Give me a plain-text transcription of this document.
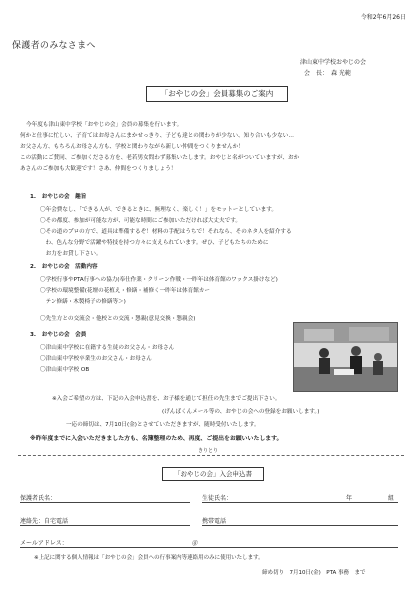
令和2年6月26日
保護者のみなさまへ
津山東中学校おやじの会
会　長：　森 光範
「おやじの会」会員募集のご案内
今年度も津山東中学校「おやじの会」会員の募集を行います。
何かと仕事に忙しい、子育てはお母さんにまかせっきり、子ども達との関わりが少ない、知り合いも少ない…
お父さん方、もちろんお母さん方も、学校と関わりながら新しい仲間をつくりませんか！
この活動にご賛同、ご参加くださる方を、老若男女問わず募集いたします。おやじと名がついていますが、おか
あさんのご参加も大歓迎です！さあ、仲間をつくりましょう！
1.　おやじの会　趣旨
〇年会費なし、「できる人が、できるときに、無理なく、楽しく！」をモットーとしています。
〇その都度、参加が可能な方が、可能な時間にご参加いただければ大丈夫です。
〇その道のプロの方で、道具は準備するぞ！材料の手配はうちで！それなら、そのネタ人を紹介する
　わ、色んな分野で活躍や特技を持つ方々に支えられています。ぜひ、子どもたちのために
　お力をお貸し下さい。
2.　おやじの会　活動内容
〇学校行事やPTA行事への協力(奉仕作業・クリーン作戦・一昨年は体育館のワックス掛けなど)
〇学校の環境整備(花壇の花植え・修繕・補修く一昨年は体育館カー
　テン修繕・木製椅子の修繕等＞)
〇先生方との交流会・他校との交流・懇親(意見交換・懇親会)
3.　おやじの会　会員
〇津山東中学校に在籍する生徒のお父さん・お母さん
〇津山東中学校卒業生のお父さん・お母さん
〇津山東中学校 OB
※入会ご希望の方は、下記の入会申込書を、お子様を通じて担任の先生までご提出下さい。
(げんばくんメール等の、おやじの会への登録をお願いします。)
一応の締切は、7月10日(金)とさせていただきますが、随時受付いたします。
※昨年度までに入会いただきました方も、名簿整理のため、再度、ご提出をお願いいたします。
きりとり
「おやじの会」入会申込書
保護者氏名：	生徒氏名：	年	組
連絡先：自宅電話	携帯電話
メールアドレス：	＠
※上記に関する個人情報は「おやじの会」会員への行事案内等連絡用のみに使用いたします。
締め切り　7月10日(金)　PTA 事務　まで
